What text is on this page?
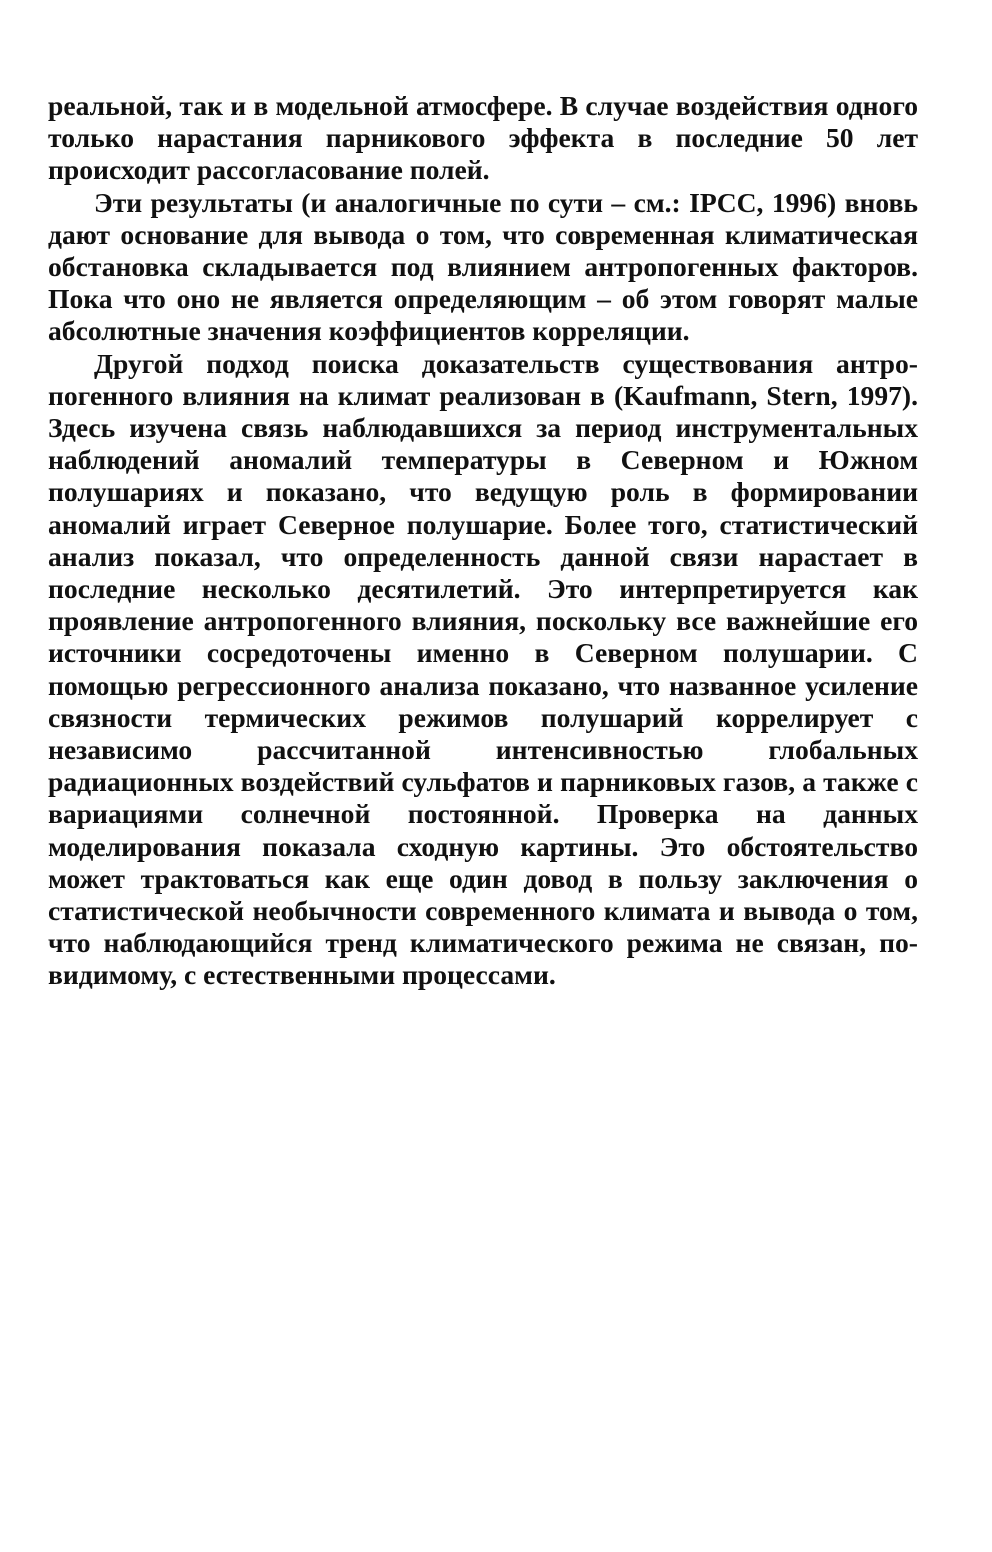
реальной, так и в модельной атмосфере. В случае воздействия одного только нарастания парникового эффекта в последние 50 лет происходит рассогласование полей.

Эти результаты (и аналогичные по сути – см.: IPCC, 1996) вновь дают основание для вывода о том, что современная климатическая обстановка складывается под влиянием антропогенных факторов. Пока что оно не является определяющим – об этом говорят малые абсолютные значения коэффициентов корреляции.

Другой подход поиска доказательств существования антропогенного влияния на климат реализован в (Kaufmann, Stern, 1997). Здесь изучена связь наблюдавшихся за период инструментальных наблюдений аномалий температуры в Северном и Южном полушариях и показано, что ведущую роль в формировании аномалий играет Северное полушарие. Более того, статистический анализ показал, что определенность данной связи нарастает в последние несколько десятилетий. Это интерпретируется как проявление антропогенного влияния, поскольку все важнейшие его источники сосредоточены именно в Северном полушарии. С помощью регрессионного анализа показано, что названное усиление связности термических режимов полушарий коррелирует с независимо рассчитанной интенсивностью глобальных радиационных воздействий сульфатов и парниковых газов, а также с вариациями солнечной постоянной. Проверка на данных моделирования показала сходную картины. Это обстоятельство может трактоваться как еще один довод в пользу заключения о статистической необычности современного климата и вывода о том, что наблюдающийся тренд климатического режима не связан, по-видимому, с естественными процессами.
